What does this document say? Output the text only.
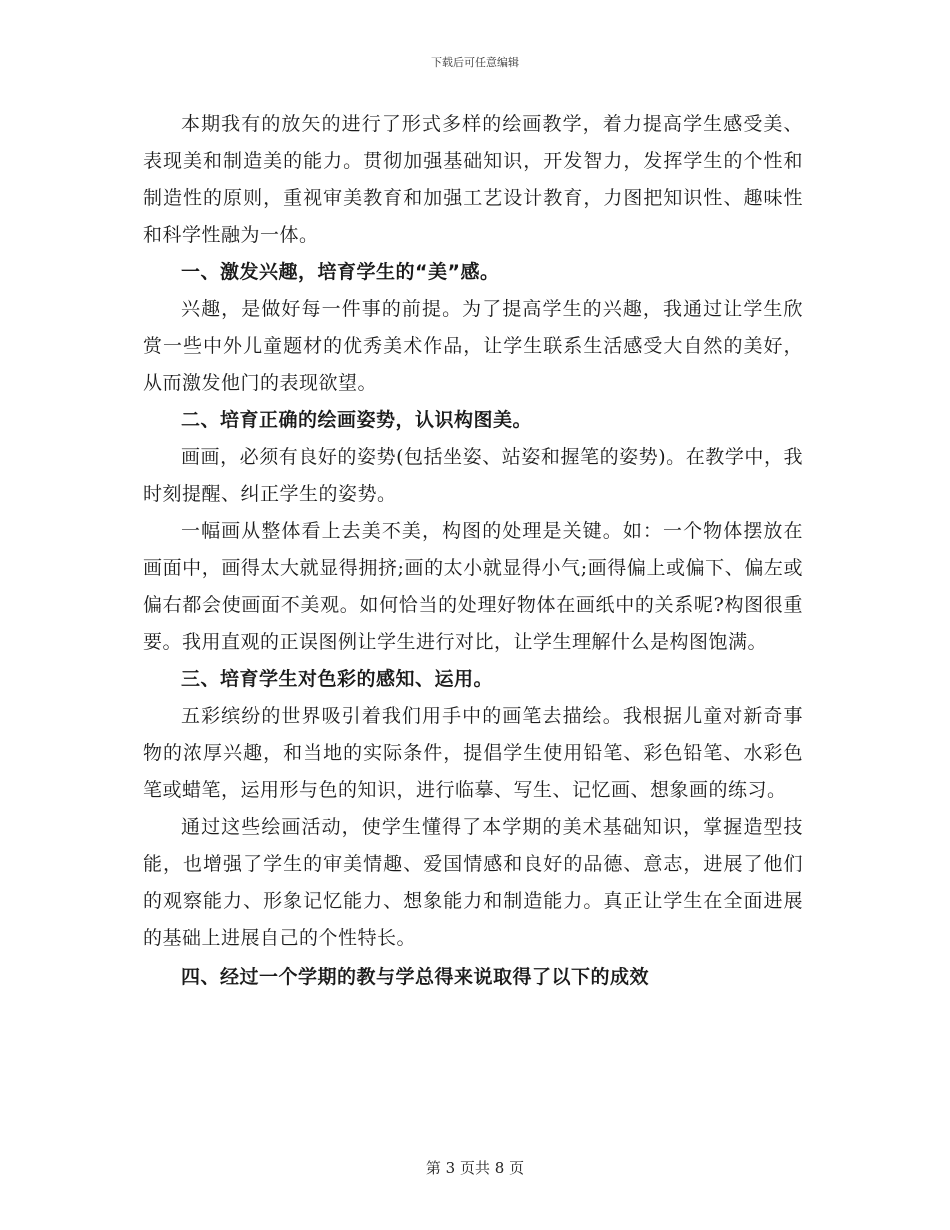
下载后可任意编辑

本期我有的放矢的进行了形式多样的绘画教学，着力提高学生感受美、表现美和制造美的能力。贯彻加强基础知识，开发智力，发挥学生的个性和制造性的原则，重视审美教育和加强工艺设计教育，力图把知识性、趣味性和科学性融为一体。

一、激发兴趣，培育学生的“美”感。

兴趣，是做好每一件事的前提。为了提高学生的兴趣，我通过让学生欣赏一些中外儿童题材的优秀美术作品，让学生联系生活感受大自然的美好，从而激发他门的表现欲望。

二、培育正确的绘画姿势，认识构图美。

画画，必须有良好的姿势(包括坐姿、站姿和握笔的姿势)。在教学中，我时刻提醒、纠正学生的姿势。

一幅画从整体看上去美不美，构图的处理是关键。如：一个物体摆放在画面中，画得太大就显得拥挤;画的太小就显得小气;画得偏上或偏下、偏左或偏右都会使画面不美观。如何恰当的处理好物体在画纸中的关系呢?构图很重要。我用直观的正误图例让学生进行对比，让学生理解什么是构图饱满。

三、培育学生对色彩的感知、运用。

五彩缤纷的世界吸引着我们用手中的画笔去描绘。我根据儿童对新奇事物的浓厚兴趣，和当地的实际条件，提倡学生使用铅笔、彩色铅笔、水彩色笔或蜡笔，运用形与色的知识，进行临摹、写生、记忆画、想象画的练习。

通过这些绘画活动，使学生懂得了本学期的美术基础知识，掌握造型技能，也增强了学生的审美情趣、爱国情感和良好的品德、意志，进展了他们的观察能力、形象记忆能力、想象能力和制造能力。真正让学生在全面进展的基础上进展自己的个性特长。

四、经过一个学期的教与学总得来说取得了以下的成效

第 3 页共 8 页
